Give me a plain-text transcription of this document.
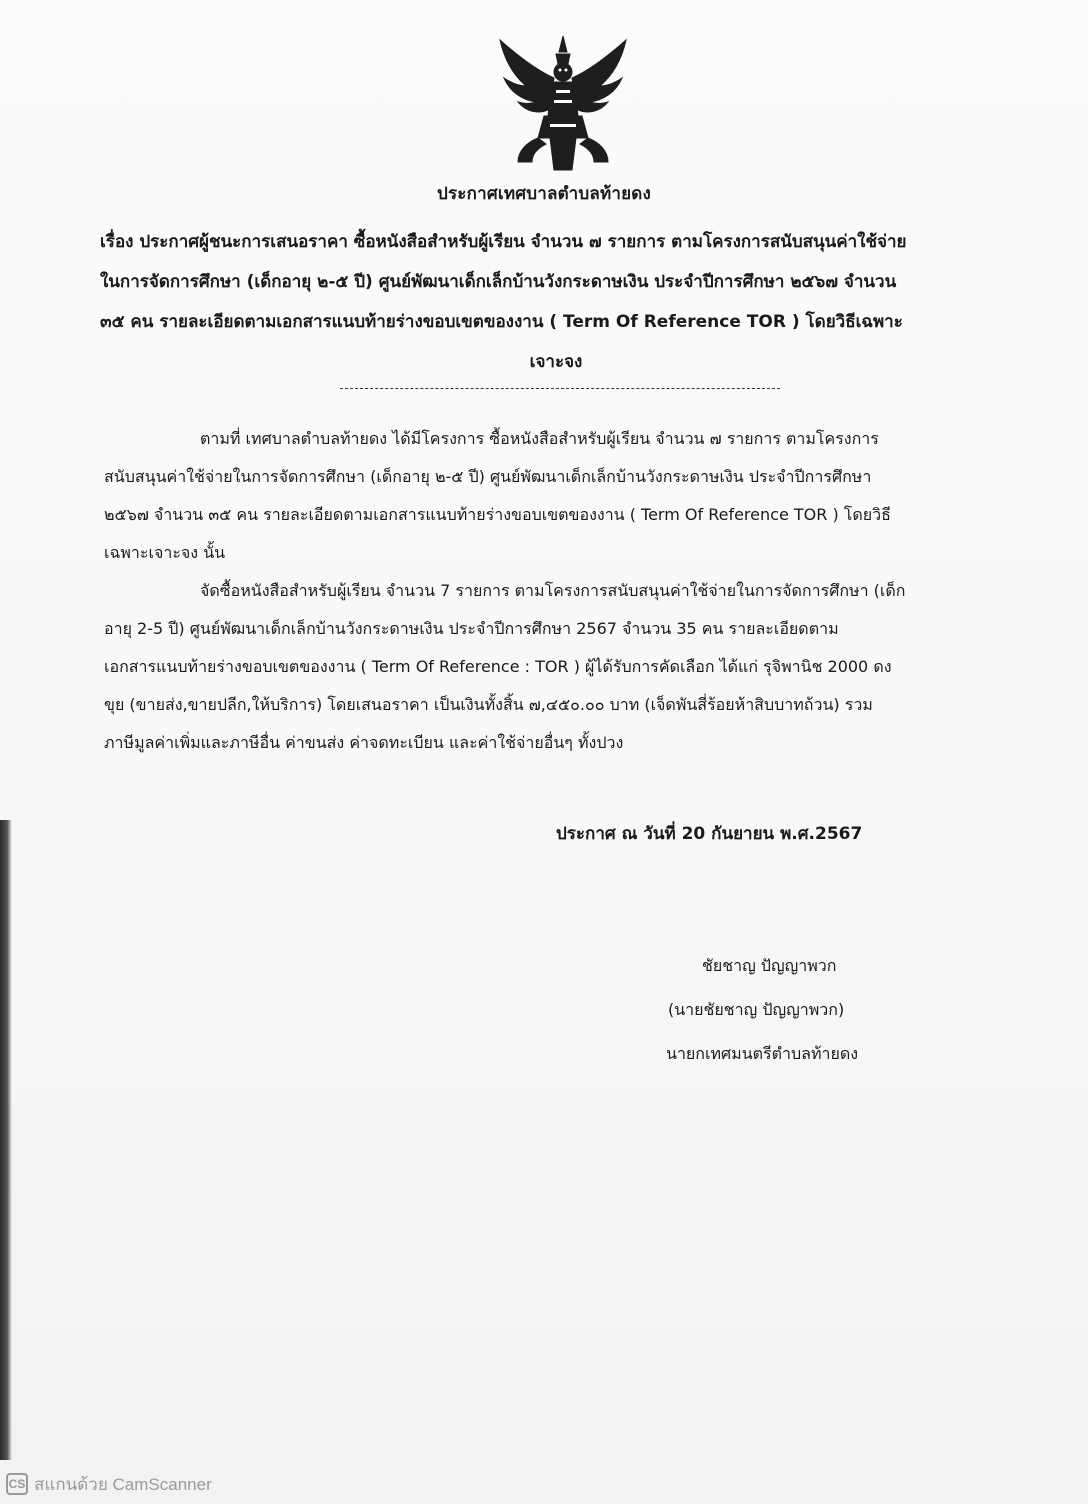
ประกาศเทศบาลตำบลท้ายดง
เรื่อง ประกาศผู้ชนะการเสนอราคา ซื้อหนังสือสำหรับผู้เรียน จำนวน ๗ รายการ ตามโครงการสนับสนุนค่าใช้จ่าย
ในการจัดการศึกษา (เด็กอายุ ๒-๕ ปี) ศูนย์พัฒนาเด็กเล็กบ้านวังกระดาษเงิน ประจำปีการศึกษา ๒๕๖๗ จำนวน
๓๕ คน รายละเอียดตามเอกสารแนบท้ายร่างขอบเขตของงาน ( Term Of Reference TOR ) โดยวิธีเฉพาะ
เจาะจง
ตามที่ เทศบาลตำบลท้ายดง ได้มีโครงการ ซื้อหนังสือสำหรับผู้เรียน จำนวน ๗ รายการ ตามโครงการ
สนับสนุนค่าใช้จ่ายในการจัดการศึกษา (เด็กอายุ ๒-๕ ปี) ศูนย์พัฒนาเด็กเล็กบ้านวังกระดาษเงิน ประจำปีการศึกษา
๒๕๖๗ จำนวน ๓๕ คน รายละเอียดตามเอกสารแนบท้ายร่างขอบเขตของงาน ( Term Of Reference TOR ) โดยวิธี
เฉพาะเจาะจง นั้น
จัดซื้อหนังสือสำหรับผู้เรียน จำนวน 7 รายการ ตามโครงการสนับสนุนค่าใช้จ่ายในการจัดการศึกษา (เด็ก
อายุ 2-5 ปี) ศูนย์พัฒนาเด็กเล็กบ้านวังกระดาษเงิน ประจำปีการศึกษา 2567 จำนวน 35 คน รายละเอียดตาม
เอกสารแนบท้ายร่างขอบเขตของงาน ( Term Of Reference : TOR ) ผู้ได้รับการคัดเลือก ได้แก่ รุจิพานิช 2000 ดง
ขุย (ขายส่ง,ขายปลีก,ให้บริการ) โดยเสนอราคา เป็นเงินทั้งสิ้น ๗,๔๕๐.๐๐ บาท (เจ็ดพันสี่ร้อยห้าสิบบาทถ้วน) รวม
ภาษีมูลค่าเพิ่มและภาษีอื่น ค่าขนส่ง ค่าจดทะเบียน และค่าใช้จ่ายอื่นๆ ทั้งปวง
ประกาศ ณ วันที่ 20 กันยายน พ.ศ.2567
ชัยชาญ ปัญญาพวก
(นายชัยชาญ ปัญญาพวก)
นายกเทศมนตรีตำบลท้ายดง
CS สแกนด้วย CamScanner
